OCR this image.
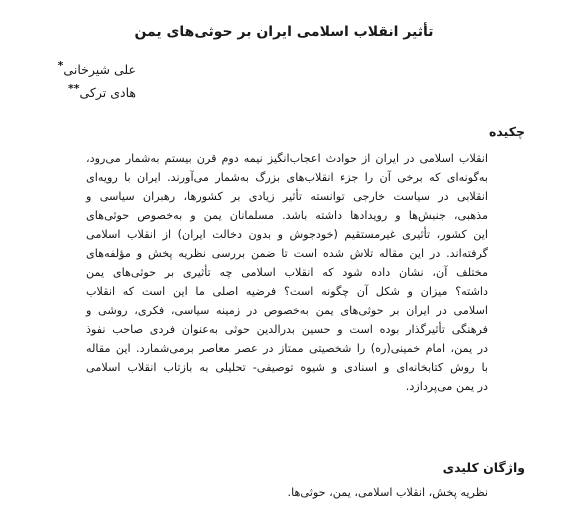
تأثیر انقلاب اسلامی ایران بر حوثی‌های یمن
علی شیرخانی*
هادی ترکی**
چکیده
انقلاب اسلامی در ایران از حوادث اعجاب‌انگیز نیمه دوم قرن بیستم به‌شمار می‌رود،
به‌گونه‌ای که برخی آن را جزء انقلاب‌های بزرگ به‌شمار می‌آورند. ایران با رویه‌ای
انقلابی در سیاست خارجی توانسته تأثیر زیادی بر کشورها، رهبران سیاسی و
مذهبی، جنبش‌ها و رویدادها داشته باشد. مسلمانان یمن و به‌خصوص حوثی‌های
این کشور، تأثیری غیرمستقیم (خودجوش و بدون دخالت ایران) از انقلاب اسلامی
گرفته‌اند. در این مقاله تلاش شده است تا ضمن بررسی نظریه پخش و مؤلفه‌های
مختلف آن، نشان داده شود که انقلاب اسلامی چه تأثیری بر حوثی‌های یمن
داشته؟ میزان و شکل آن چگونه است؟ فرضیه اصلی ما این است که انقلاب
اسلامی در ایران بر حوثی‌های یمن به‌خصوص در زمینه سیاسی، فکری، روشی و
فرهنگی تأثیرگذار بوده است و حسین بدرالدین حوثی به‌عنوان فردی صاحب نفوذ
در یمن، امام خمینی(ره) را شخصیتی ممتاز در عصر معاصر برمی‌شمارد. این مقاله
با روش کتابخانه‌ای و اسنادی و شیوه توصیفی- تحلیلی به بازتاب انقلاب اسلامی
در یمن می‌پردازد.
واژگان کلیدی
نظریه پخش، انقلاب اسلامی، یمن، حوثی‌ها.
